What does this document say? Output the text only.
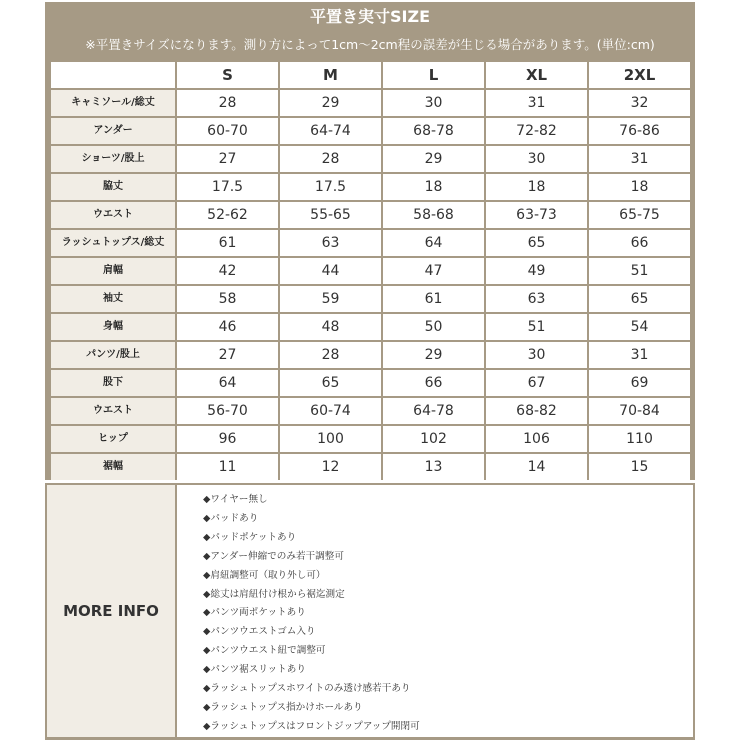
平置き実寸SIZE
※平置きサイズになります。測り方によって1cm〜2cm程の誤差が生じる場合があります。(単位:cm)
	S	M	L	XL	2XL
キャミソール/総丈	28	29	30	31	32
アンダー	60-70	64-74	68-78	72-82	76-86
ショーツ/股上	27	28	29	30	31
脇丈	17.5	17.5	18	18	18
ウエスト	52-62	55-65	58-68	63-73	65-75
ラッシュトップス/総丈	61	63	64	65	66
肩幅	42	44	47	49	51
袖丈	58	59	61	63	65
身幅	46	48	50	51	54
パンツ/股上	27	28	29	30	31
股下	64	65	66	67	69
ウエスト	56-70	60-74	64-78	68-82	70-84
ヒップ	96	100	102	106	110
裾幅	11	12	13	14	15
MORE INFO
◆ワイヤー無し
◆パッドあり
◆パッドポケットあり
◆アンダー伸縮でのみ若干調整可
◆肩紐調整可（取り外し可）
◆総丈は肩紐付け根から裾迄測定
◆パンツ両ポケットあり
◆パンツウエストゴム入り
◆パンツウエスト紐で調整可
◆パンツ裾スリットあり
◆ラッシュトップスホワイトのみ透け感若干あり
◆ラッシュトップス指かけホールあり
◆ラッシュトップスはフロントジップアップ開閉可
